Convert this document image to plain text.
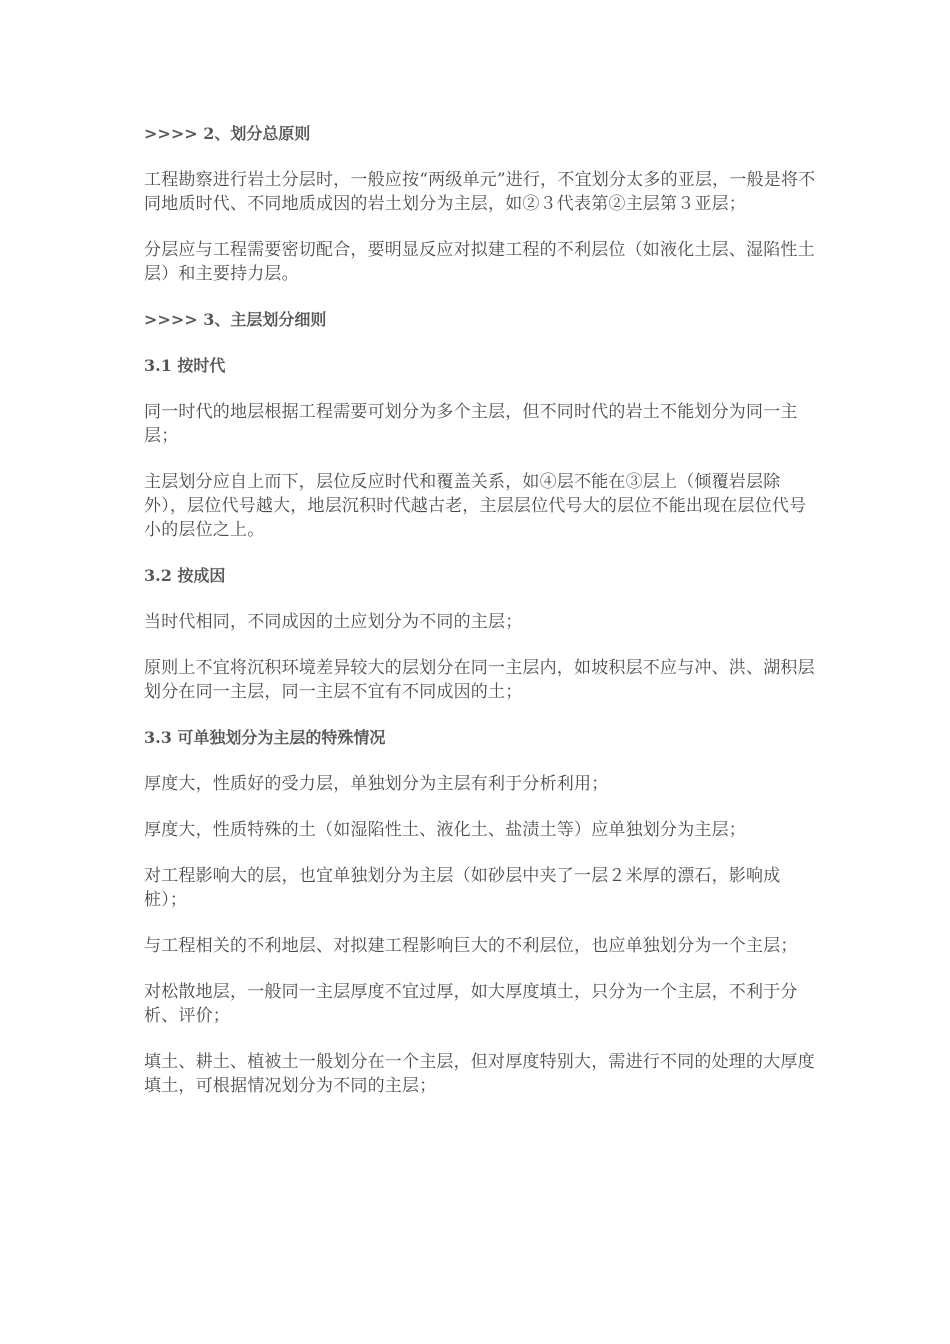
>>>> 2、划分总原则
工程勘察进行岩土分层时，一般应按“两级单元”进行，不宜划分太多的亚层，一般是将不同地质时代、不同地质成因的岩土划分为主层，如②３代表第②主层第３亚层；
分层应与工程需要密切配合，要明显反应对拟建工程的不利层位（如液化土层、湿陷性土层）和主要持力层。
>>>> 3、主层划分细则
3.1 按时代
同一时代的地层根据工程需要可划分为多个主层，但不同时代的岩土不能划分为同一主层；
主层划分应自上而下，层位反应时代和覆盖关系，如④层不能在③层上（倾覆岩层除外），层位代号越大，地层沉积时代越古老，主层层位代号大的层位不能出现在层位代号小的层位之上。
3.2 按成因
当时代相同，不同成因的土应划分为不同的主层；
原则上不宜将沉积环境差异较大的层划分在同一主层内，如坡积层不应与冲、洪、湖积层划分在同一主层，同一主层不宜有不同成因的土；
3.3 可单独划分为主层的特殊情况
厚度大，性质好的受力层，单独划分为主层有利于分析利用；
厚度大，性质特殊的土（如湿陷性土、液化土、盐渍土等）应单独划分为主层；
对工程影响大的层，也宜单独划分为主层（如砂层中夹了一层２米厚的漂石，影响成桩）；
与工程相关的不利地层、对拟建工程影响巨大的不利层位，也应单独划分为一个主层；
对松散地层，一般同一主层厚度不宜过厚，如大厚度填土，只分为一个主层，不利于分析、评价；
填土、耕土、植被土一般划分在一个主层，但对厚度特别大，需进行不同的处理的大厚度填土，可根据情况划分为不同的主层；
